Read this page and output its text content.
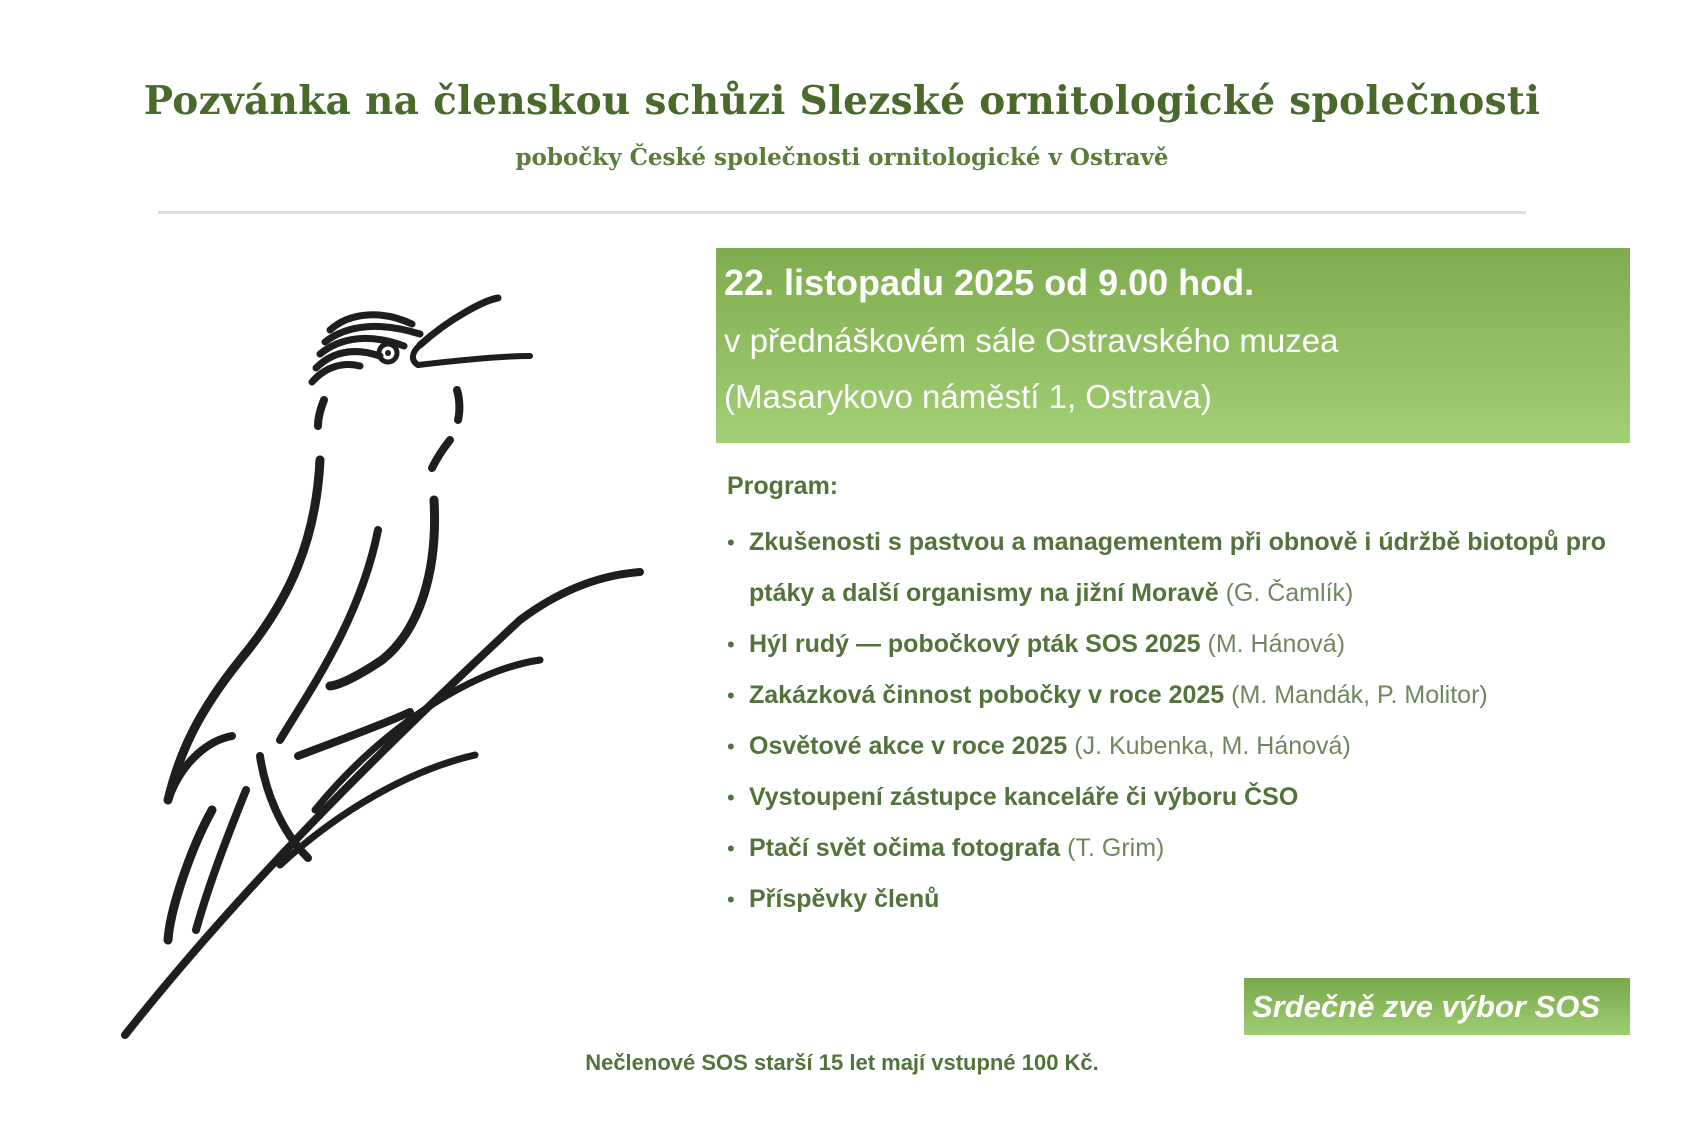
Pozvánka na členskou schůzi Slezské ornitologické společnosti
pobočky České společnosti ornitologické v Ostravě
22. listopadu 2025 od 9.00 hod.
v přednáškovém sále Ostravského muzea
(Masarykovo náměstí 1, Ostrava)
Program:
• Zkušenosti s pastvou a managementem při obnově i údržbě biotopů pro ptáky a další organismy na jižní Moravě (G. Čamlík)
• Hýl rudý — pobočkový pták SOS 2025 (M. Hánová)
• Zakázková činnost pobočky v roce 2025 (M. Mandák, P. Molitor)
• Osvětové akce v roce 2025 (J. Kubenka, M. Hánová)
• Vystoupení zástupce kanceláře či výboru ČSO
• Ptačí svět očima fotografa (T. Grim)
• Příspěvky členů
Srdečně zve výbor SOS
Nečlenové SOS starší 15 let mají vstupné 100 Kč.
